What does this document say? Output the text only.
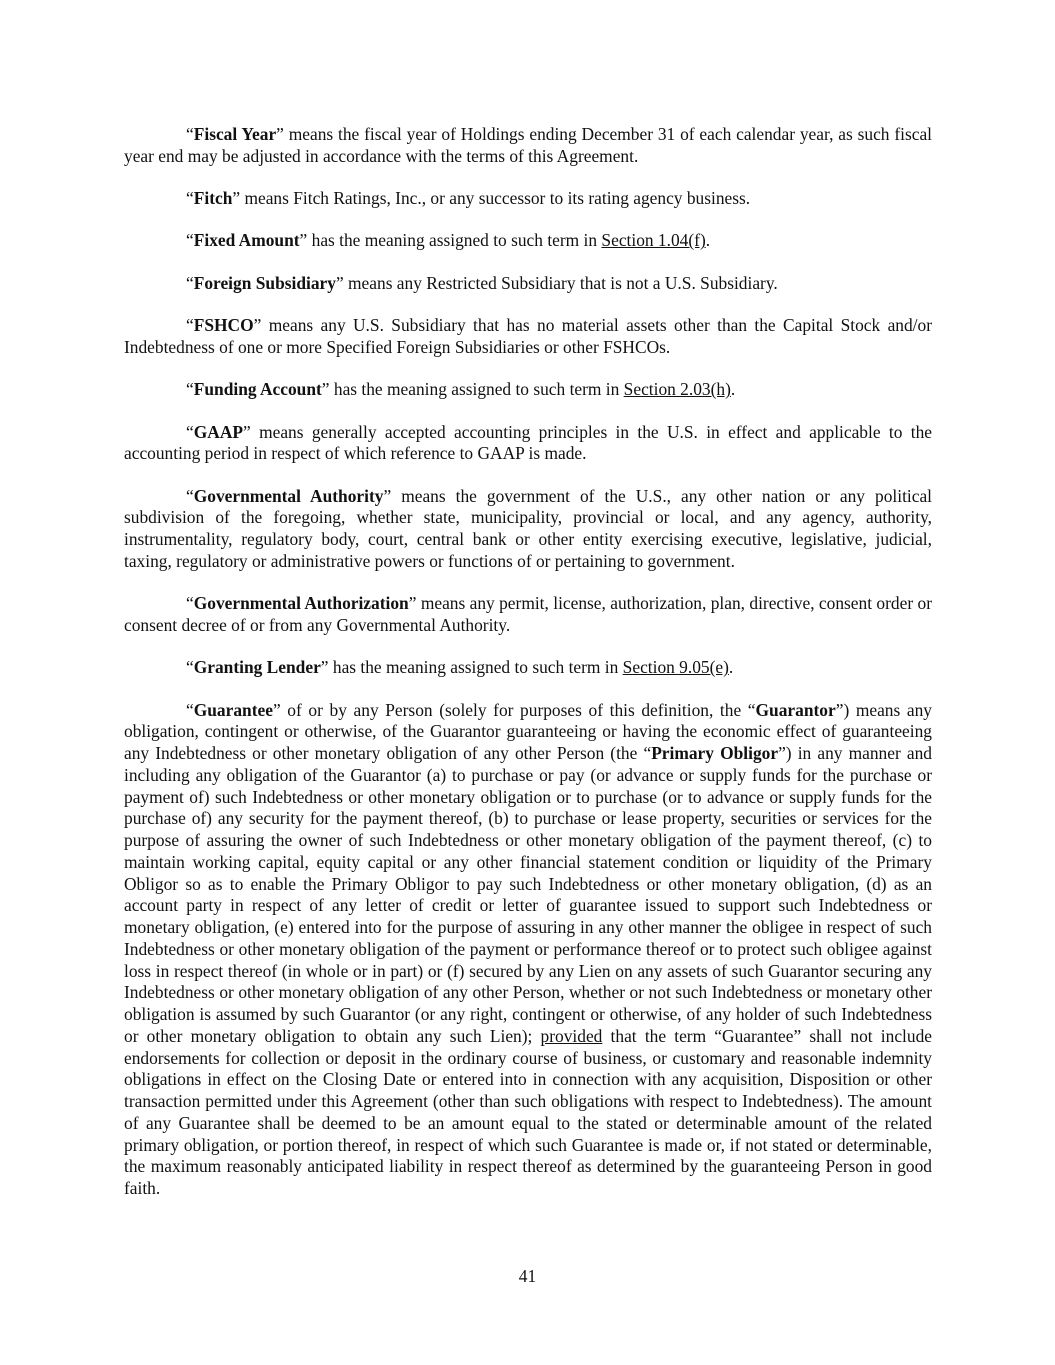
“Fiscal Year” means the fiscal year of Holdings ending December 31 of each calendar year, as such fiscal year end may be adjusted in accordance with the terms of this Agreement.

“Fitch” means Fitch Ratings, Inc., or any successor to its rating agency business.

“Fixed Amount” has the meaning assigned to such term in Section 1.04(f).

“Foreign Subsidiary” means any Restricted Subsidiary that is not a U.S. Subsidiary.

“FSHCO” means any U.S. Subsidiary that has no material assets other than the Capital Stock and/or Indebtedness of one or more Specified Foreign Subsidiaries or other FSHCOs.

“Funding Account” has the meaning assigned to such term in Section 2.03(h).

“GAAP” means generally accepted accounting principles in the U.S. in effect and applicable to the accounting period in respect of which reference to GAAP is made.

“Governmental Authority” means the government of the U.S., any other nation or any political subdivision of the foregoing, whether state, municipality, provincial or local, and any agency, authority, instrumentality, regulatory body, court, central bank or other entity exercising executive, legislative, judicial, taxing, regulatory or administrative powers or functions of or pertaining to government.

“Governmental Authorization” means any permit, license, authorization, plan, directive, consent order or consent decree of or from any Governmental Authority.

“Granting Lender” has the meaning assigned to such term in Section 9.05(e).

“Guarantee” of or by any Person (solely for purposes of this definition, the “Guarantor”) means any obligation, contingent or otherwise, of the Guarantor guaranteeing or having the economic effect of guaranteeing any Indebtedness or other monetary obligation of any other Person (the “Primary Obligor”) in any manner and including any obligation of the Guarantor (a) to purchase or pay (or advance or supply funds for the purchase or payment of) such Indebtedness or other monetary obligation or to purchase (or to advance or supply funds for the purchase of) any security for the payment thereof, (b) to purchase or lease property, securities or services for the purpose of assuring the owner of such Indebtedness or other monetary obligation of the payment thereof, (c) to maintain working capital, equity capital or any other financial statement condition or liquidity of the Primary Obligor so as to enable the Primary Obligor to pay such Indebtedness or other monetary obligation, (d) as an account party in respect of any letter of credit or letter of guarantee issued to support such Indebtedness or monetary obligation, (e) entered into for the purpose of assuring in any other manner the obligee in respect of such Indebtedness or other monetary obligation of the payment or performance thereof or to protect such obligee against loss in respect thereof (in whole or in part) or (f) secured by any Lien on any assets of such Guarantor securing any Indebtedness or other monetary obligation of any other Person, whether or not such Indebtedness or monetary other obligation is assumed by such Guarantor (or any right, contingent or otherwise, of any holder of such Indebtedness or other monetary obligation to obtain any such Lien); provided that the term “Guarantee” shall not include endorsements for collection or deposit in the ordinary course of business, or customary and reasonable indemnity obligations in effect on the Closing Date or entered into in connection with any acquisition, Disposition or other transaction permitted under this Agreement (other than such obligations with respect to Indebtedness). The amount of any Guarantee shall be deemed to be an amount equal to the stated or determinable amount of the related primary obligation, or portion thereof, in respect of which such Guarantee is made or, if not stated or determinable, the maximum reasonably anticipated liability in respect thereof as determined by the guaranteeing Person in good faith.

41
